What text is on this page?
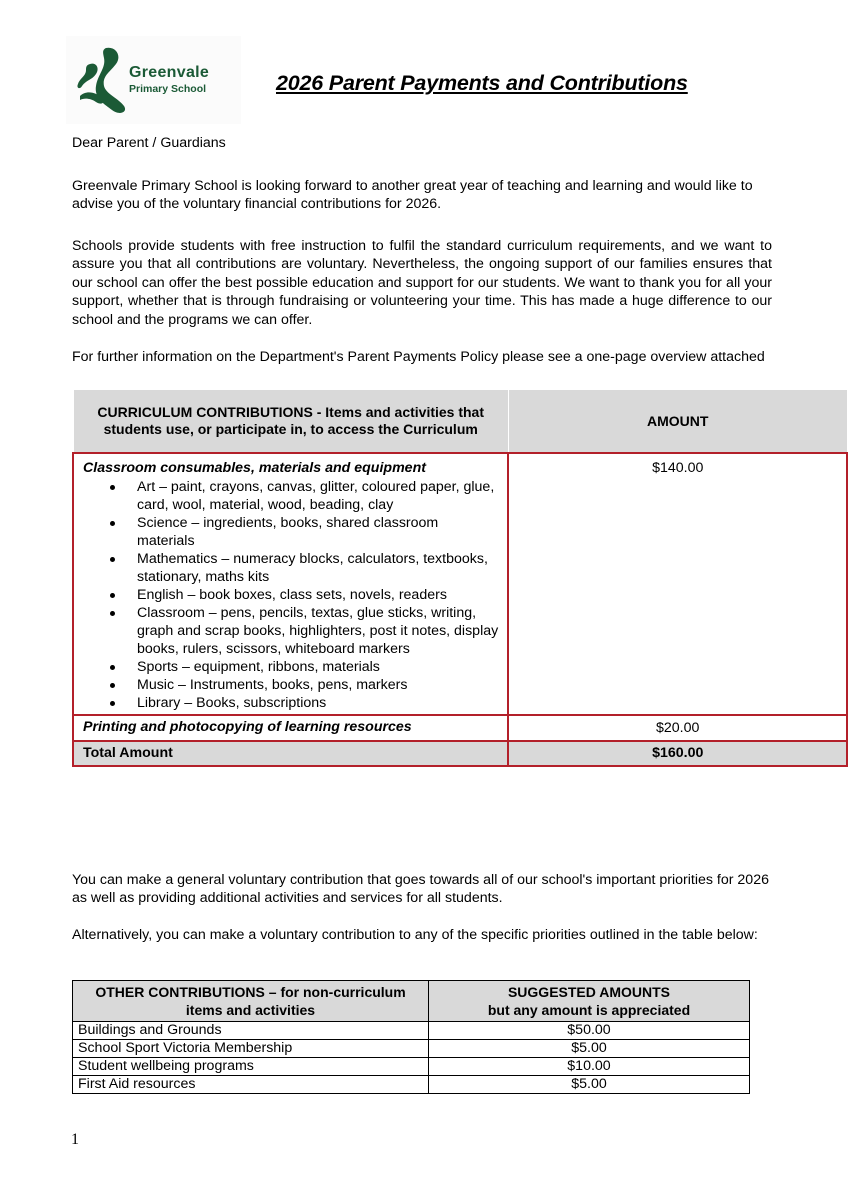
Greenvale
Primary School	2026 Parent Payments and Contributions
Dear Parent / Guardians
Greenvale Primary School is looking forward to another great year of teaching and learning and would like to advise you of the voluntary financial contributions for 2026.
Schools provide students with free instruction to fulfil the standard curriculum requirements, and we want to assure you that all contributions are voluntary. Nevertheless, the ongoing support of our families ensures that our school can offer the best possible education and support for our students. We want to thank you for all your support, whether that is through fundraising or volunteering your time. This has made a huge difference to our school and the programs we can offer.
For further information on the Department's Parent Payments Policy please see a one-page overview attached
CURRICULUM CONTRIBUTIONS - Items and activities that students use, or participate in, to access the Curriculum	AMOUNT

Classroom consumables, materials and equipment
Art – paint, crayons, canvas, glitter, coloured paper, glue, card, wool, material, wood, beading, clay
Science – ingredients, books, shared classroom materials
Mathematics – numeracy blocks, calculators, textbooks, stationary, maths kits
English – book boxes, class sets, novels, readers
Classroom – pens, pencils, textas, glue sticks, writing, graph and scrap books, highlighters, post it notes, display books, rulers, scissors, whiteboard markers
Sports – equipment, ribbons, materials
Music – Instruments, books, pens, markers
Library – Books, subscriptions
	$140.00
Printing and photocopying of learning resources	$20.00
Total Amount	$160.00
You can make a general voluntary contribution that goes towards all of our school's important priorities for 2026 as well as providing additional activities and services for all students.
Alternatively, you can make a voluntary contribution to any of the specific priorities outlined in the table below:
OTHER CONTRIBUTIONS – for non-curriculum items and activities	SUGGESTED AMOUNTS
but any amount is appreciated

Buildings and Grounds	$50.00
School Sport Victoria Membership	$5.00
Student wellbeing programs	$10.00
First Aid resources	$5.00
1
